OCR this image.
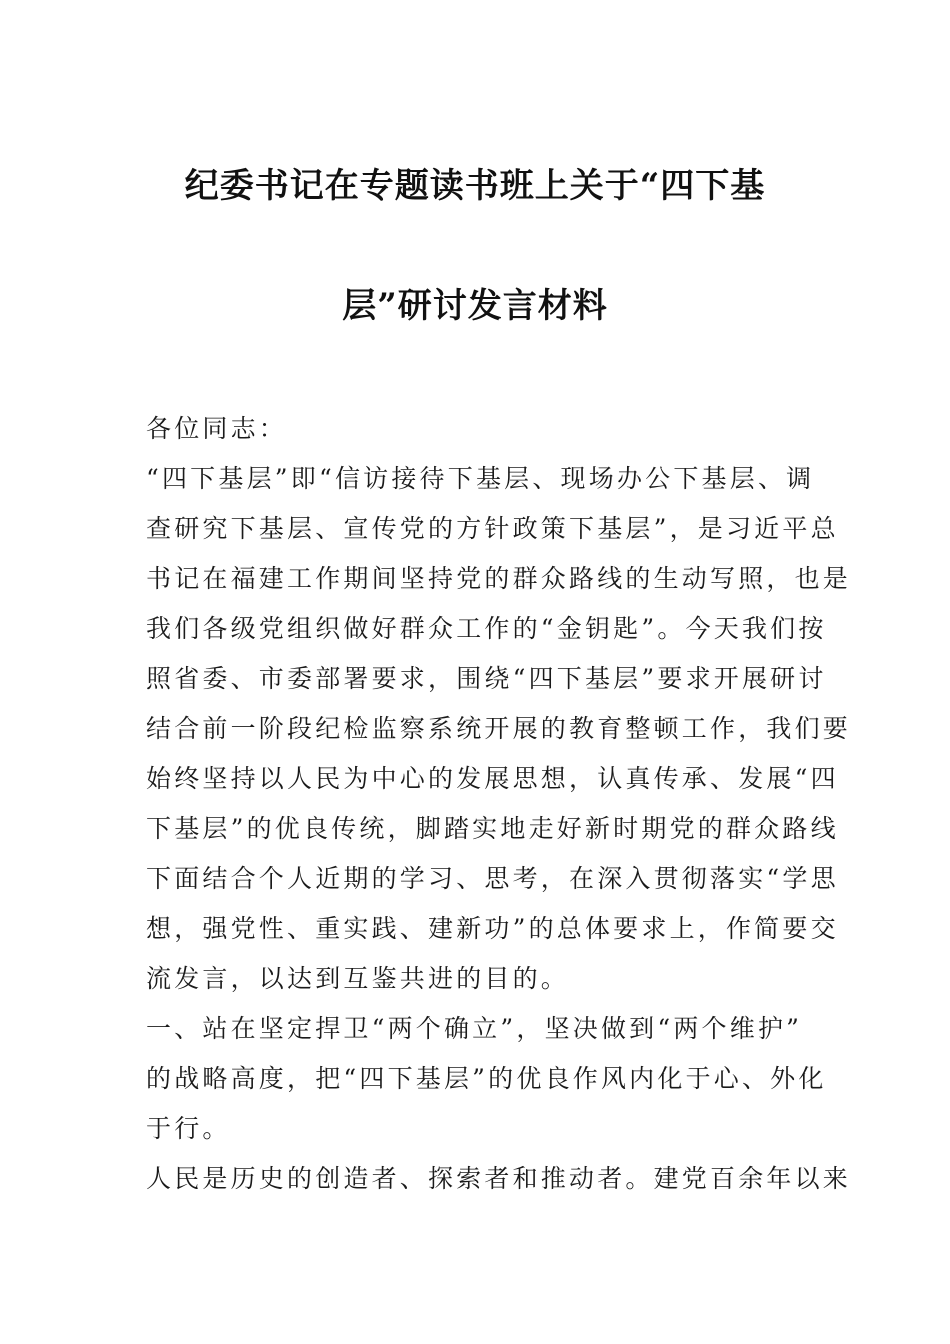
纪委书记在专题读书班上关于“四下基
层”研讨发言材料
各位同志：
“四下基层”即“信访接待下基层、现场办公下基层、调
查研究下基层、宣传党的方针政策下基层”，是习近平总
书记在福建工作期间坚持党的群众路线的生动写照，也是
我们各级党组织做好群众工作的“金钥匙”。今天我们按
照省委、市委部署要求，围绕“四下基层”要求开展研讨
结合前一阶段纪检监察系统开展的教育整顿工作，我们要
始终坚持以人民为中心的发展思想，认真传承、发展“四
下基层”的优良传统，脚踏实地走好新时期党的群众路线
下面结合个人近期的学习、思考，在深入贯彻落实“学思
想，强党性、重实践、建新功”的总体要求上，作简要交
流发言，以达到互鉴共进的目的。
一、站在坚定捍卫“两个确立”，坚决做到“两个维护”
的战略高度，把“四下基层”的优良作风内化于心、外化
于行。
人民是历史的创造者、探索者和推动者。建党百余年以来
